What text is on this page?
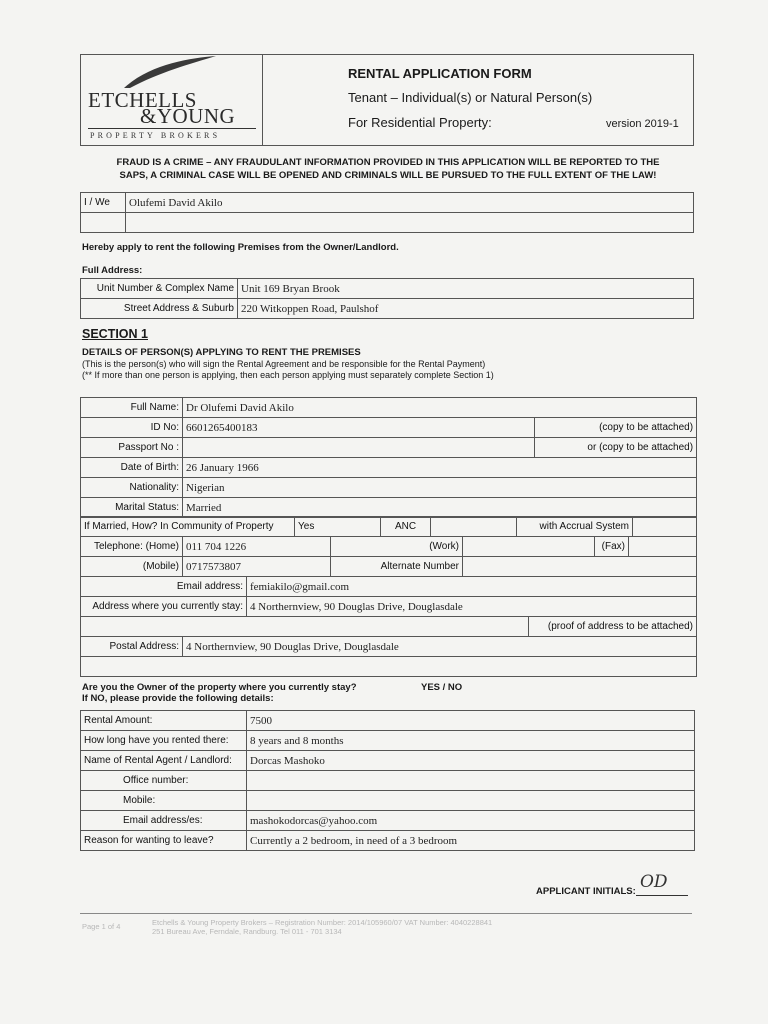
ETCHELLS
&YOUNG
PROPERTY BROKERS
RENTAL APPLICATION FORM
Tenant – Individual(s) or Natural Person(s)
For Residential Property:	version 2019-1
FRAUD IS A CRIME – ANY FRAUDULANT INFORMATION PROVIDED IN THIS APPLICATION WILL BE REPORTED TO THE
SAPS, A CRIMINAL CASE WILL BE OPENED AND CRIMINALS WILL BE PURSUED TO THE FULL EXTENT OF THE LAW!
I / We	Olufemi David Akilo

Hereby apply to rent the following Premises from the Owner/Landlord.
Full Address:
Unit Number & Complex Name	Unit 169 Bryan Brook
Street Address & Suburb	220 Witkoppen Road, Paulshof
SECTION 1
DETAILS OF PERSON(S) APPLYING TO RENT THE PREMISES
(This is the person(s) who will sign the Rental Agreement and be responsible for the Rental Payment)
(** If more than one person is applying, then each person applying must separately complete Section 1)
Full Name:	Dr Olufemi David Akilo	
ID No:	6601265400183	(copy to be attached)
Passport No :		or (copy to be attached)
Date of Birth:	26 January 1966	
Nationality:	Nigerian	
Marital Status:	Married	
If Married, How? In Community of Property	Yes	ANC		with Accrual System	
Telephone: (Home)	011 704 1226	(Work)		(Fax)	
(Mobile)	0717573807	Alternate Number			
Email address:	femiakilo@gmail.com	
Address where you currently stay:	4 Northernview, 90 Douglas Drive, Douglasdale	
		(proof of address to be attached)
Postal Address:	4 Northernview, 90 Douglas Drive, Douglasdale

Are you the Owner of the property where you currently stay?	YES / NO
If NO, please provide the following details:
Rental Amount:	7500
How long have you rented there:	8 years and 8 months
Name of Rental Agent / Landlord:	Dorcas Mashoko
Office number:	
Mobile:	
Email address/es:	mashokodorcas@yahoo.com
Reason for wanting to leave?	Currently a 2 bedroom, in need of a 3 bedroom
APPLICANT INITIALS: OD
Page 1 of 4	Etchells & Young Property Brokers – Registration Number: 2014/105960/07 VAT Number: 4040228841
251 Bureau Ave, Ferndale, Randburg. Tel 011 - 701 3134
